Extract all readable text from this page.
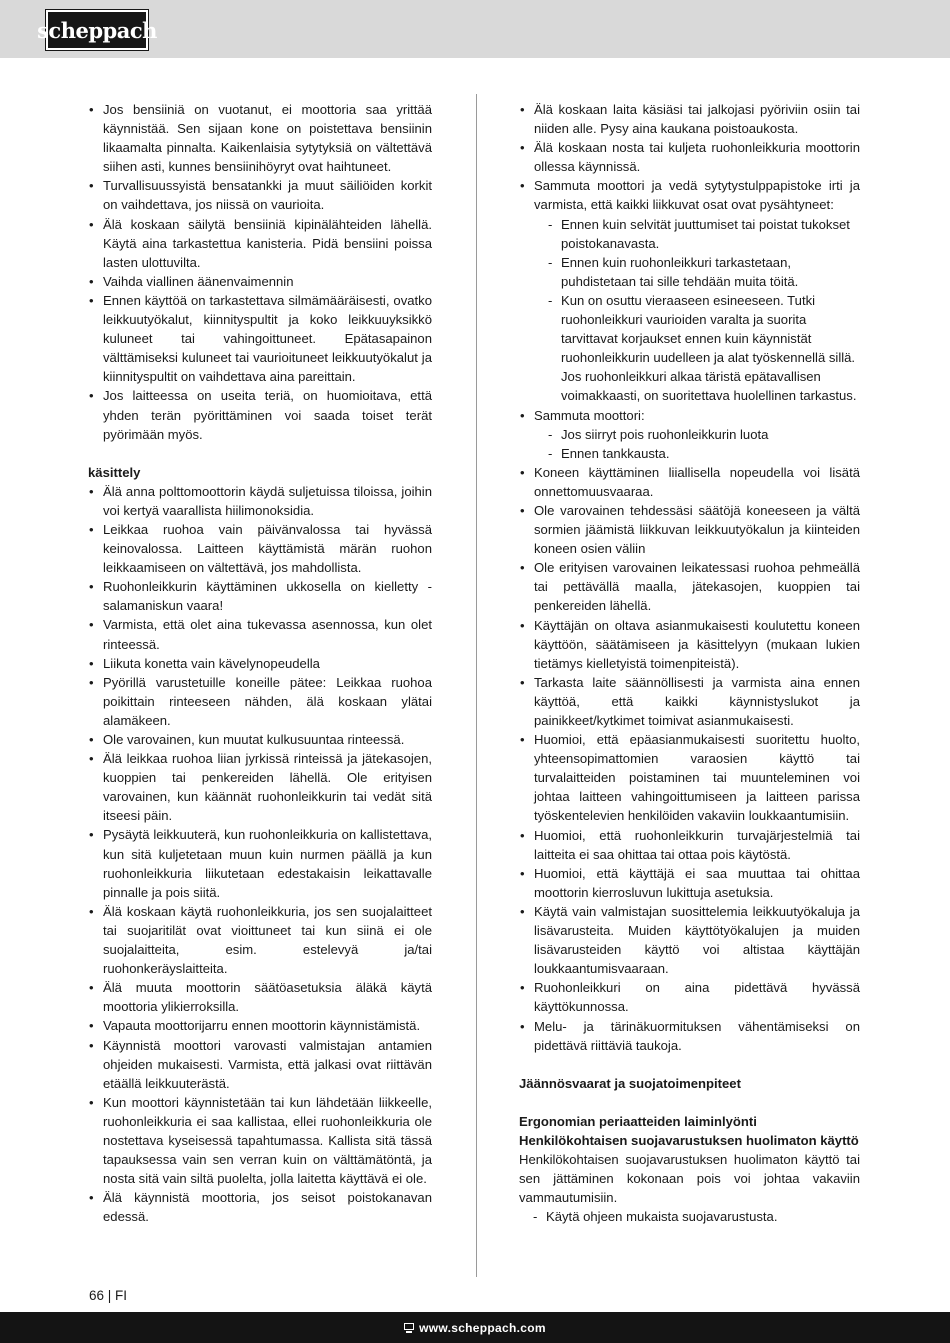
scheppach
• Jos bensiiniä on vuotanut, ei moottoria saa yrittää käynnistää. Sen sijaan kone on poistettava bensiinin likaamalta pinnalta. Kaikenlaisia sytytyksiä on vältettävä siihen asti, kunnes bensiinihöyryt ovat haihtuneet.
• Turvallisuussyistä bensatankki ja muut säiliöiden korkit on vaihdettava, jos niissä on vaurioita.
• Älä koskaan säilytä bensiiniä kipinälähteiden lähellä. Käytä aina tarkastettua kanisteria. Pidä bensiini poissa lasten ulottuvilta.
• Vaihda viallinen äänenvaimennin
• Ennen käyttöä on tarkastettava silmämääräisesti, ovatko leikkuutyökalut, kiinnityspultit ja koko leikkuuyksikkö kuluneet tai vahingoittuneet. Epätasapainon välttämiseksi kuluneet tai vaurioituneet leikkuutyökalut ja kiinnityspultit on vaihdettava aina pareittain.
• Jos laitteessa on useita teriä, on huomioitava, että yhden terän pyörittäminen voi saada toiset terät pyörimään myös.

käsittely

• Älä anna polttomoottorin käydä suljetuissa tiloissa, joihin voi kertyä vaarallista hiilimonoksidia.
• Leikkaa ruohoa vain päivänvalossa tai hyvässä keinovalossa. Laitteen käyttämistä märän ruohon leikkaamiseen on vältettävä, jos mahdollista.
• Ruohonleikkurin käyttäminen ukkosella on kielletty - salamaniskun vaara!
• Varmista, että olet aina tukevassa asennossa, kun olet rinteessä.
• Liikuta konetta vain kävelynopeudella
• Pyörillä varustetuille koneille pätee: Leikkaa ruohoa poikittain rinteeseen nähden, älä koskaan ylätai alamäkeen.
• Ole varovainen, kun muutat kulkusuuntaa rinteessä.
• Älä leikkaa ruohoa liian jyrkissä rinteissä ja jätekasojen, kuoppien tai penkereiden lähellä. Ole erityisen varovainen, kun käännät ruohonleikkurin tai vedät sitä itseesi päin.
• Pysäytä leikkuuterä, kun ruohonleikkuria on kallistettava, kun sitä kuljetetaan muun kuin nurmen päällä ja kun ruohonleikkuria liikutetaan edestakaisin leikattavalle pinnalle ja pois siitä.
• Älä koskaan käytä ruohonleikkuria, jos sen suojalaitteet tai suojaritilät ovat vioittuneet tai kun siinä ei ole suojalaitteita, esim. estelevyä ja/tai ruohonkeräyslaitteita.
• Älä muuta moottorin säätöasetuksia äläkä käytä moottoria ylikierroksilla.
• Vapauta moottorijarru ennen moottorin käynnistämistä.
• Käynnistä moottori varovasti valmistajan antamien ohjeiden mukaisesti. Varmista, että jalkasi ovat riittävän etäällä leikkuuterästä.
• Kun moottori käynnistetään tai kun lähdetään liikkeelle, ruohonleikkuria ei saa kallistaa, ellei ruohonleikkuria ole nostettava kyseisessä tapahtumassa. Kallista sitä tässä tapauksessa vain sen verran kuin on välttämätöntä, ja nosta sitä vain siltä puolelta, jolla laitetta käyttävä ei ole.
• Älä käynnistä moottoria, jos seisot poistokanavan edessä.
• Älä koskaan laita käsiäsi tai jalkojasi pyöriviin osiin tai niiden alle. Pysy aina kaukana poistoaukosta.
• Älä koskaan nosta tai kuljeta ruohonleikkuria moottorin ollessa käynnissä.
• Sammuta moottori ja vedä sytytystulppapistoke irti ja varmista, että kaikki liikkuvat osat ovat pysähtyneet:
- Ennen kuin selvität juuttumiset tai poistat tukokset poistokanavasta.
- Ennen kuin ruohonleikkuri tarkastetaan, puhdistetaan tai sille tehdään muita töitä.
- Kun on osuttu vieraaseen esineeseen. Tutki ruohonleikkuri vaurioiden varalta ja suorita tarvittavat korjaukset ennen kuin käynnistät ruohonleikkurin uudelleen ja alat työskennellä sillä. Jos ruohonleikkuri alkaa täristä epätavallisen voimakkaasti, on suoritettava huolellinen tarkastus.
• Sammuta moottori:
- Jos siirryt pois ruohonleikkurin luota
- Ennen tankkausta.
• Koneen käyttäminen liiallisella nopeudella voi lisätä onnettomuusvaaraa.
• Ole varovainen tehdessäsi säätöjä koneeseen ja vältä sormien jäämistä liikkuvan leikkuutyökalun ja kiinteiden koneen osien väliin
• Ole erityisen varovainen leikatessasi ruohoa pehmeällä tai pettävällä maalla, jätekasojen, kuoppien tai penkereiden lähellä.
• Käyttäjän on oltava asianmukaisesti koulutettu koneen käyttöön, säätämiseen ja käsittelyyn (mukaan lukien tietämys kielletyistä toimenpiteistä).
• Tarkasta laite säännöllisesti ja varmista aina ennen käyttöä, että kaikki käynnistyslukot ja painikkeet/kytkimet toimivat asianmukaisesti.
• Huomioi, että epäasianmukaisesti suoritettu huolto, yhteensopimattomien varaosien käyttö tai turvalaitteiden poistaminen tai muunteleminen voi johtaa laitteen vahingoittumiseen ja laitteen parissa työskentelevien henkilöiden vakaviin loukkaantumisiin.
• Huomioi, että ruohonleikkurin turvajärjestelmiä tai laitteita ei saa ohittaa tai ottaa pois käytöstä.
• Huomioi, että käyttäjä ei saa muuttaa tai ohittaa moottorin kierrosluvun lukittuja asetuksia.
• Käytä vain valmistajan suosittelemia leikkuutyökaluja ja lisävarusteita. Muiden käyttötyökalujen ja muiden lisävarusteiden käyttö voi altistaa käyttäjän loukkaantumisvaaraan.
• Ruohonleikkuri on aina pidettävä hyvässä käyttökunnossa.
• Melu- ja tärinäkuormituksen vähentämiseksi on pidettävä riittäviä taukoja.

Jäännösvaarat ja suojatoimenpiteet

Ergonomian periaatteiden laiminlyönti

Henkilökohtaisen suojavarustuksen huolimaton käyttö

Henkilökohtaisen suojavarustuksen huolimaton käyttö tai sen jättäminen kokonaan pois voi johtaa vakaviin vammautumisiin.

- Käytä ohjeen mukaista suojavarustusta.
66 | FI
www.scheppach.com
